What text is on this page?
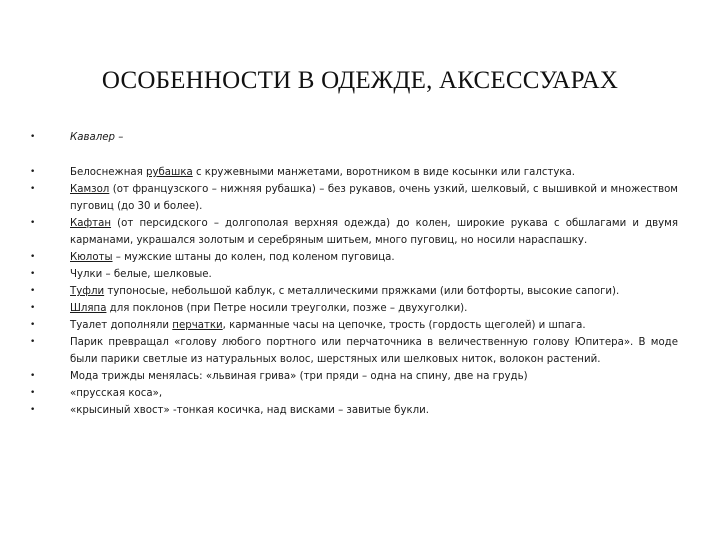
ОСОБЕННОСТИ В ОДЕЖДЕ, АКСЕССУАРАХ
•	Кавалер –
•	Белоснежная рубашка с кружевными манжетами, воротником в виде косынки или галстука.
•	Камзол (от французского – нижняя рубашка) – без рукавов, очень узкий, шелковый, с вышивкой и множеством пуговиц (до 30 и более).
•	Кафтан (от персидского – долгополая верхняя одежда) до колен, широкие рукава с обшлагами и двумя карманами, украшался золотым и серебряным шитьем, много пуговиц, но носили нараспашку.
•	Кюлоты – мужские штаны до колен, под коленом пуговица.
•	Чулки – белые, шелковые.
•	Туфли тупоносые, небольшой каблук, с металлическими пряжками (или ботфорты, высокие сапоги).
•	Шляпа для поклонов (при Петре носили треуголки, позже – двухуголки).
•	Туалет дополняли перчатки, карманные часы на цепочке, трость (гордость щеголей) и шпага.
•	Парик превращал «голову любого портного или перчаточника в величественную голову Юпитера». В моде были парики светлые из натуральных волос, шерстяных или шелковых ниток, волокон растений.
•	Мода трижды менялась: «львиная грива» (три пряди – одна на спину, две на грудь)
•	«прусская коса»,
•	«крысиный хвост» -тонкая косичка, над висками – завитые букли.
